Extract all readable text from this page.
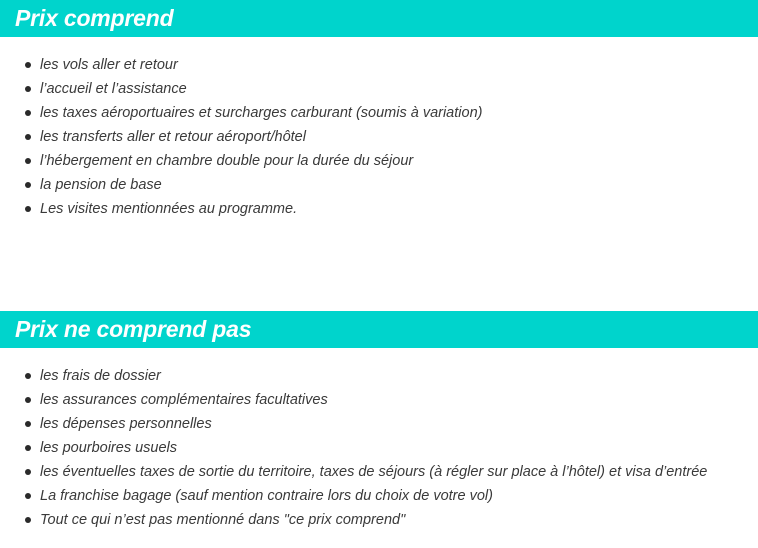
Prix comprend
les vols aller et retour
l’accueil et l’assistance
les taxes aéroportuaires et surcharges carburant (soumis à variation)
les transferts aller et retour aéroport/hôtel
l’hébergement en chambre double pour la durée du séjour
la pension de base
Les visites mentionnées au programme.
Prix ne comprend pas
les frais de dossier
les assurances complémentaires facultatives
les dépenses personnelles
les pourboires usuels
les éventuelles taxes de sortie du territoire, taxes de séjours (à régler sur place à l’hôtel) et visa d’entrée
La franchise bagage (sauf mention contraire lors du choix de votre vol)
Tout ce qui n’est pas mentionné dans "ce prix comprend"
